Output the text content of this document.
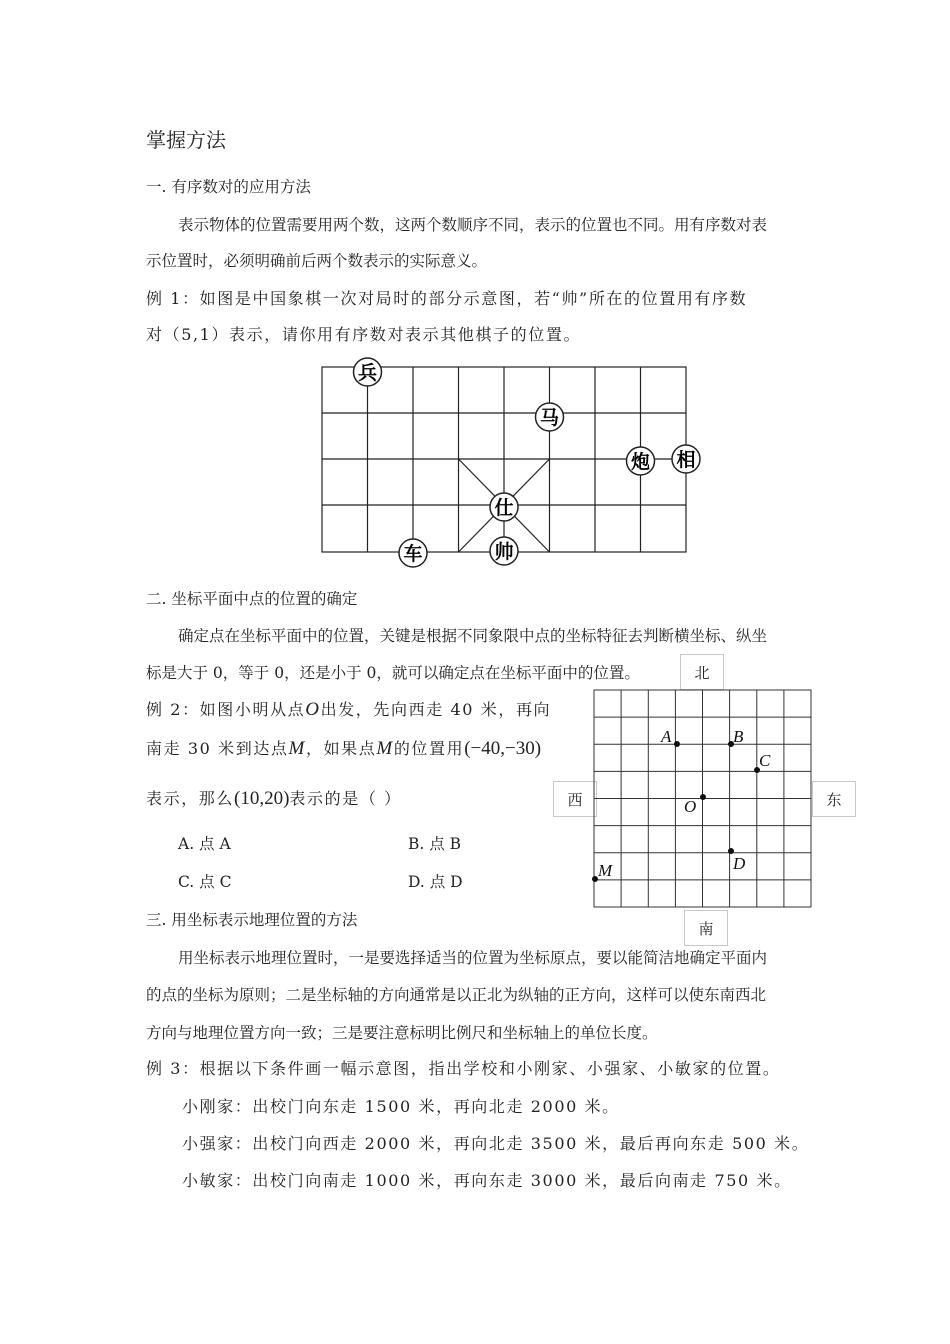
掌握方法
一. 有序数对的应用方法
表示物体的位置需要用两个数，这两个数顺序不同，表示的位置也不同。用有序数对表
示位置时，必须明确前后两个数表示的实际意义。
例 1：如图是中国象棋一次对局时的部分示意图，若“帅”所在的位置用有序数
对（5,1）表示，请你用有序数对表示其他棋子的位置。
兵
马
炮 相
仕
帅
车
二. 坐标平面中点的位置的确定
确定点在坐标平面中的位置，关键是根据不同象限中点的坐标特征去判断横坐标、纵坐
标是大于 0，等于 0，还是小于 0，就可以确定点在坐标平面中的位置。
例 2：如图小明从点O出发，先向西走 40 米，再向
南走 30 米到达点M，如果点M的位置用(−40,−30)
表示，那么(10,20)表示的是（ ）
A. 点 A	B. 点 B
C. 点 C	D. 点 D
北
南
西	东
A	B
C
O
D
M
三. 用坐标表示地理位置的方法
用坐标表示地理位置时，一是要选择适当的位置为坐标原点，要以能简洁地确定平面内
的点的坐标为原则；二是坐标轴的方向通常是以正北为纵轴的正方向，这样可以使东南西北
方向与地理位置方向一致；三是要注意标明比例尺和坐标轴上的单位长度。
例 3：根据以下条件画一幅示意图，指出学校和小刚家、小强家、小敏家的位置。
小刚家：出校门向东走 1500 米，再向北走 2000 米。
小强家：出校门向西走 2000 米，再向北走 3500 米，最后再向东走 500 米。
小敏家：出校门向南走 1000 米，再向东走 3000 米，最后向南走 750 米。
